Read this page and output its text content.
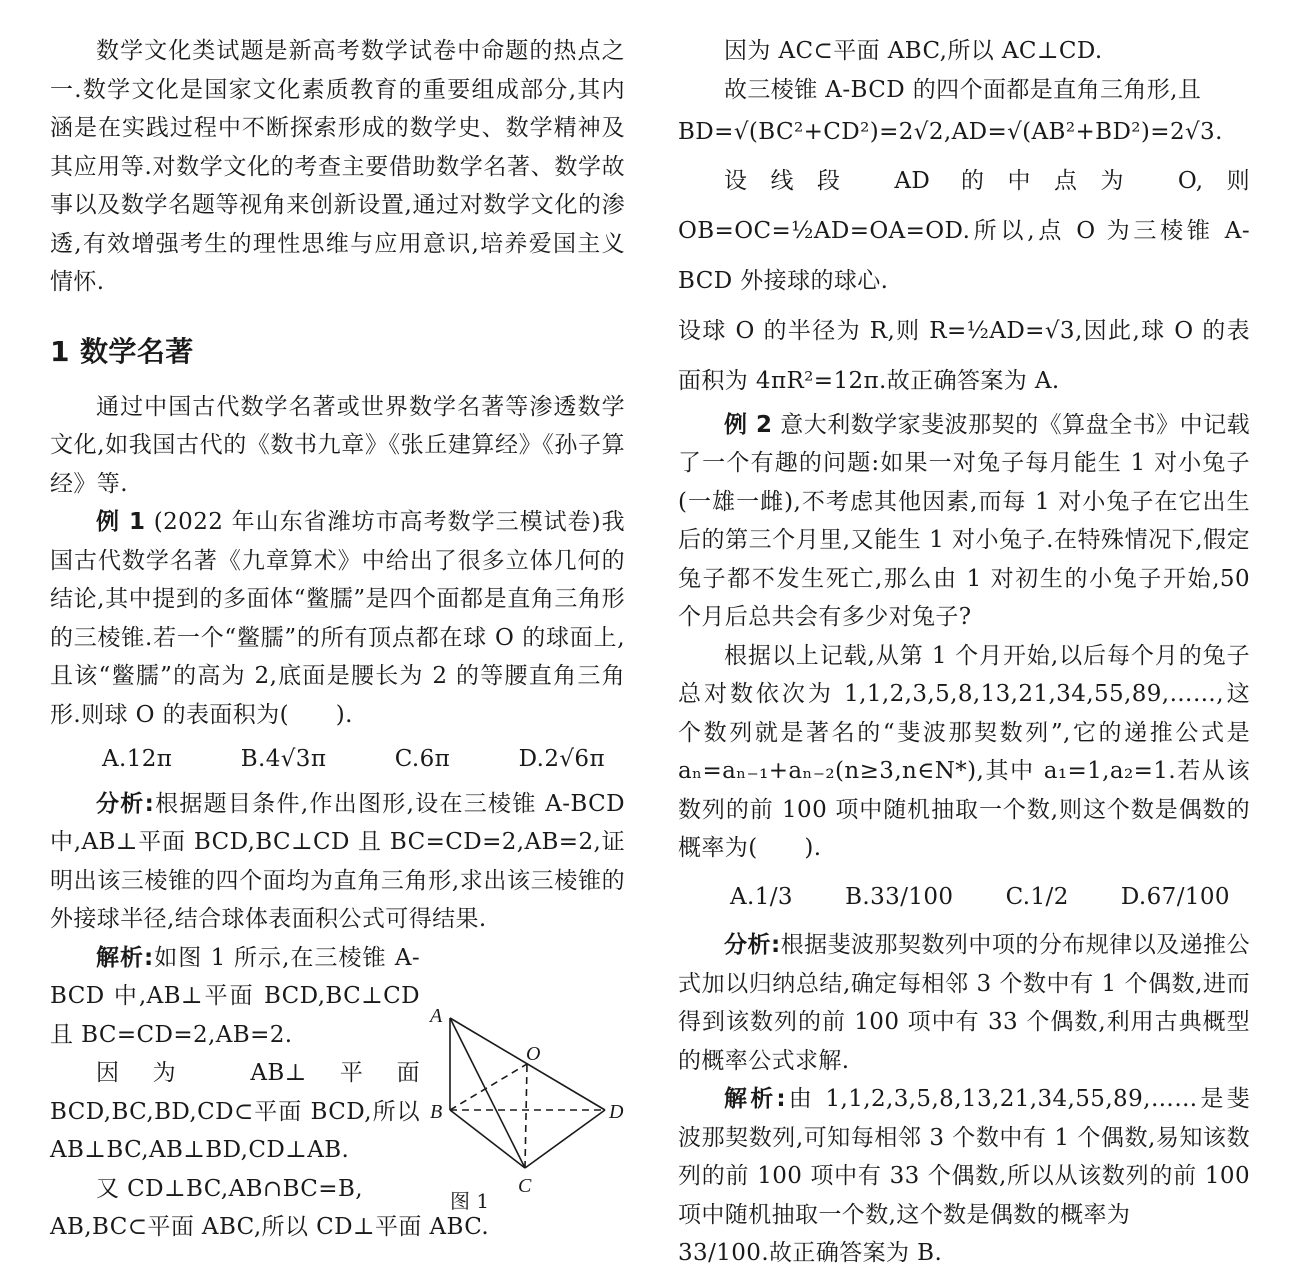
数学文化类试题是新高考数学试卷中命题的热点之一.数学文化是国家文化素质教育的重要组成部分,其内涵是在实践过程中不断探索形成的数学史、数学精神及其应用等.对数学文化的考查主要借助数学名著、数学故事以及数学名题等视角来创新设置,通过对数学文化的渗透,有效增强考生的理性思维与应用意识,培养爱国主义情怀.

1 数学名著

通过中国古代数学名著或世界数学名著等渗透数学文化,如我国古代的《数书九章》《张丘建算经》《孙子算经》等.

例 1 (2022 年山东省潍坊市高考数学三模试卷)我国古代数学名著《九章算术》中给出了很多立体几何的结论,其中提到的多面体“鳖臑”是四个面都是直角三角形的三棱锥.若一个“鳖臑”的所有顶点都在球 O 的球面上,且该“鳖臑”的高为 2,底面是腰长为 2 的等腰直角三角形.则球 O 的表面积为(　　).

A.12π	B.4√3π	C.6π	D.2√6π

分析:根据题目条件,作出图形,设在三棱锥 A-BCD 中,AB⊥平面 BCD,BC⊥CD 且 BC=CD=2,AB=2,证明出该三棱锥的四个面均为直角三角形,求出该三棱锥的外接球半径,结合球体表面积公式可得结果.

解析:如图 1 所示,在三棱锥 A-BCD 中,AB⊥平面 BCD,BC⊥CD 且 BC=CD=2,AB=2.

因为 AB⊥平面 BCD,BC,BD,CD⊂平面 BCD,所以 AB⊥BC,AB⊥BD,CD⊥AB.

又 CD⊥BC,AB∩BC=B,

AB,BC⊂平面 ABC,所以 CD⊥平面 ABC.

A
B
C
D
O
图 1

因为 AC⊂平面 ABC,所以 AC⊥CD.

故三棱锥 A-BCD 的四个面都是直角三角形,且

BD=√(BC²+CD²)=2√2,AD=√(AB²+BD²)=2√3.

设线段 AD 的中点为 O,则 OB=OC=½AD=OA=OD.所以,点 O 为三棱锥 A-BCD 外接球的球心.

设球 O 的半径为 R,则 R=½AD=√3,因此,球 O 的表面积为 4πR²=12π.故正确答案为 A.

例 2 意大利数学家斐波那契的《算盘全书》中记载了一个有趣的问题:如果一对兔子每月能生 1 对小兔子(一雄一雌),不考虑其他因素,而每 1 对小兔子在它出生后的第三个月里,又能生 1 对小兔子.在特殊情况下,假定兔子都不发生死亡,那么由 1 对初生的小兔子开始,50 个月后总共会有多少对兔子?

根据以上记载,从第 1 个月开始,以后每个月的兔子总对数依次为 1,1,2,3,5,8,13,21,34,55,89,……,这个数列就是著名的“斐波那契数列”,它的递推公式是 aₙ=aₙ₋₁+aₙ₋₂(n≥3,n∈N*),其中 a₁=1,a₂=1.若从该数列的前 100 项中随机抽取一个数,则这个数是偶数的概率为(　　).

A.1/3 B.33/100 C.1/2 D.67/100

分析:根据斐波那契数列中项的分布规律以及递推公式加以归纳总结,确定每相邻 3 个数中有 1 个偶数,进而得到该数列的前 100 项中有 33 个偶数,利用古典概型的概率公式求解.

解析:由 1,1,2,3,5,8,13,21,34,55,89,……是斐波那契数列,可知每相邻 3 个数中有 1 个偶数,易知该数列的前 100 项中有 33 个偶数,所以从该数列的前 100 项中随机抽取一个数,这个数是偶数的概率为

33/100.故正确答案为 B.
